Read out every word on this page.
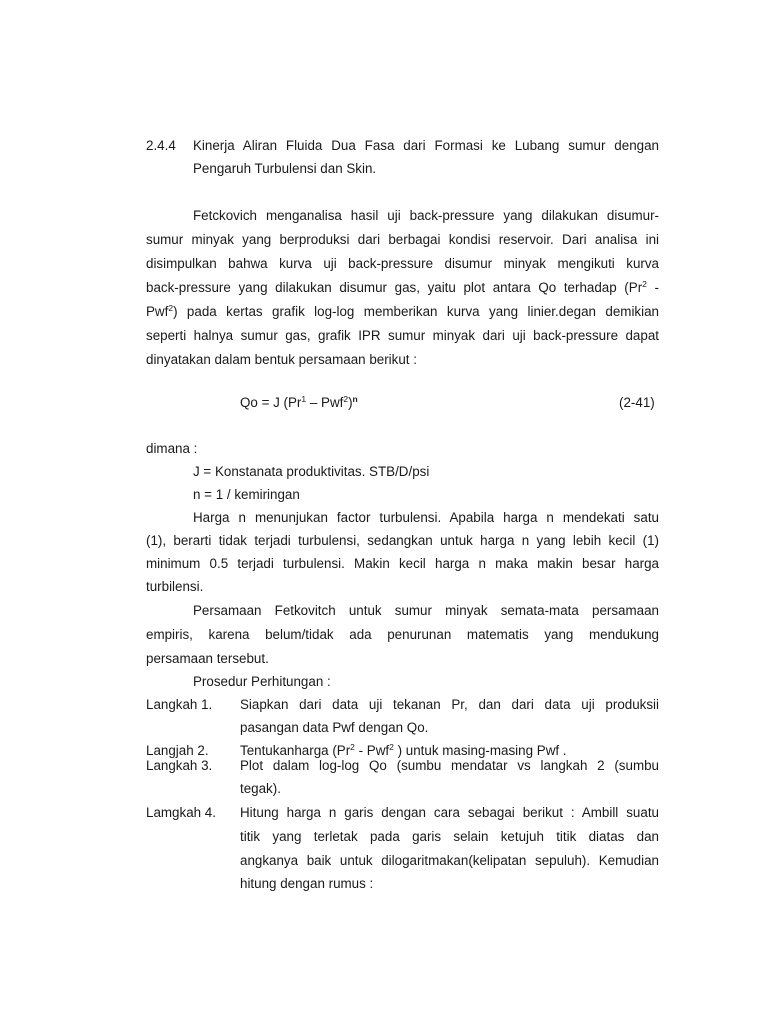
2.4.4 Kinerja Aliran Fluida Dua Fasa dari Formasi ke Lubang sumur dengan
Pengaruh Turbulensi dan Skin.
Fetckovich menganalisa hasil uji back-pressure yang dilakukan disumur-
sumur minyak yang berproduksi dari berbagai kondisi reservoir. Dari analisa ini
disimpulkan bahwa kurva uji back-pressure disumur minyak mengikuti kurva
back-pressure yang dilakukan disumur gas, yaitu plot antara Qo terhadap (Pr$^2$ -
Pwf$^2$) pada kertas grafik log-log memberikan kurva yang linier.degan demikian
seperti halnya sumur gas, grafik IPR sumur minyak dari uji back-pressure dapat
dinyatakan dalam bentuk persamaan berikut :
Qo = J (Pr$^1$ – Pwf$^2$)$^n$	(2-41)
dimana :
J = Konstanata produktivitas. STB/D/psi
n = 1 / kemiringan
Harga n menunjukan factor turbulensi. Apabila harga n mendekati satu
(1), berarti tidak terjadi turbulensi, sedangkan untuk harga n yang lebih kecil (1)
minimum 0.5 terjadi turbulensi. Makin kecil harga n maka makin besar harga
turbilensi.
Persamaan Fetkovitch untuk sumur minyak semata-mata persamaan
empiris, karena belum/tidak ada penurunan matematis yang mendukung
persamaan tersebut.
Prosedur Perhitungan :
Langkah 1. Siapkan dari data uji tekanan Pr, dan dari data uji produksii
pasangan data Pwf dengan Qo.
Langjah 2. Tentukanharga (Pr$^2$ - Pwf$^2$ ) untuk masing-masing Pwf .
Langkah 3. Plot dalam log-log Qo (sumbu mendatar vs langkah 2 (sumbu
tegak).
Lamgkah 4. Hitung harga n garis dengan cara sebagai berikut : Ambill suatu
titik yang terletak pada garis selain ketujuh titik diatas dan
angkanya baik untuk dilogaritmakan(kelipatan sepuluh). Kemudian
hitung dengan rumus :
